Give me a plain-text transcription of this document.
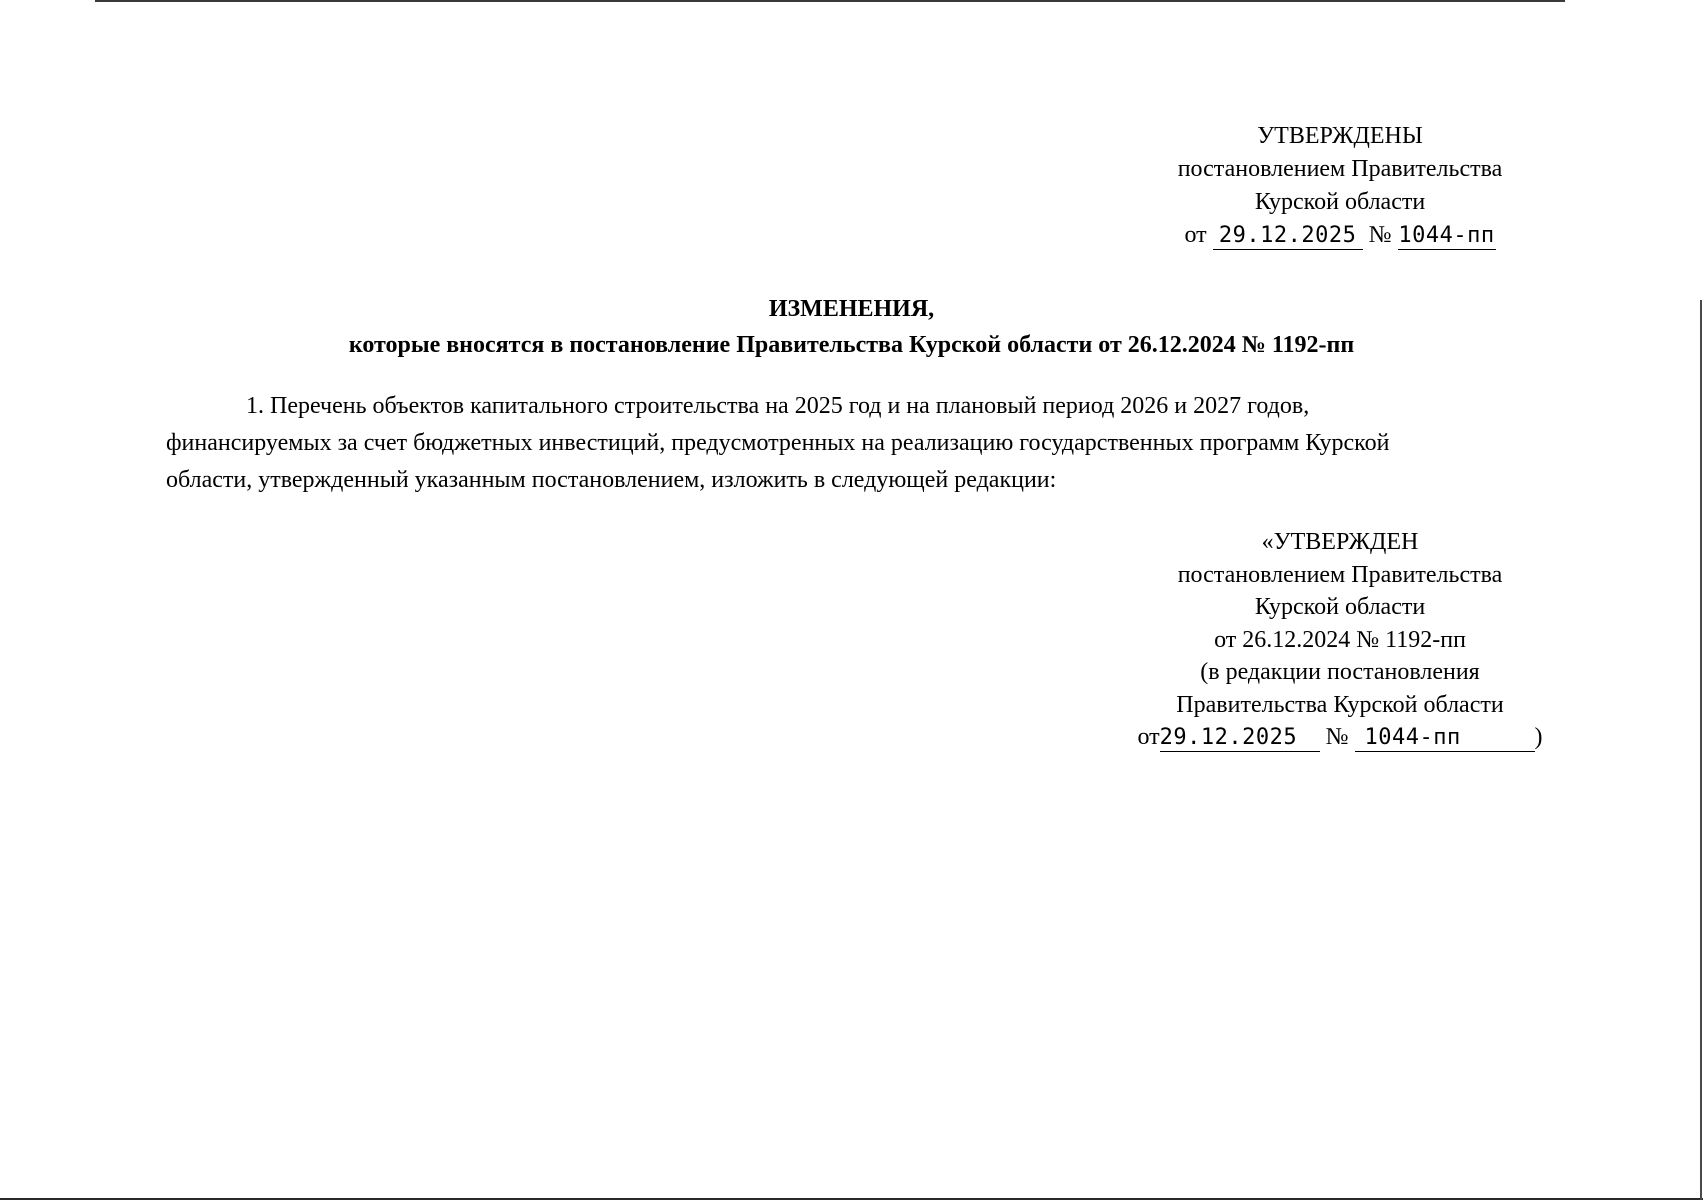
УТВЕРЖДЕНЫ
постановлением Правительства
Курской области
от 29.12.2025 № 1044-пп
ИЗМЕНЕНИЯ,
которые вносятся в постановление Правительства Курской области от 26.12.2024 № 1192-пп
1. Перечень объектов капитального строительства на 2025 год и на плановый период 2026 и 2027 годов,
финансируемых за счет бюджетных инвестиций, предусмотренных на реализацию государственных программ Курской
области, утвержденный указанным постановлением, изложить в следующей редакции:
«УТВЕРЖДЕН
постановлением Правительства
Курской области
от 26.12.2024 № 1192-пп
(в редакции постановления
Правительства Курской области
от29.12.2025 № 1044-пп	)
